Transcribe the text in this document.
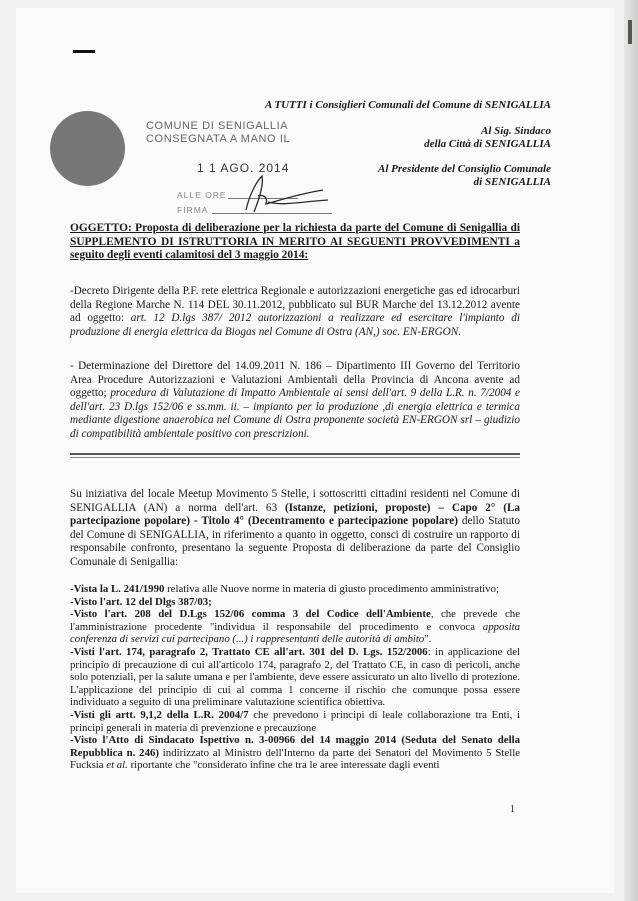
A TUTTI i Consiglieri Comunali del Comune di SENIGALLIA
Al Sig. Sindaco
della Città di SENIGALLIA
Al Presidente del Consiglio Comunale
di SENIGALLIA
COMUNE DI SENIGALLIA
CONSEGNATA A MANO IL
1 1 AGO. 2014
ALLE ORE
FIRMA
OGGETTO: Proposta di deliberazione per la richiesta da parte del Comune di Senigallia di SUPPLEMENTO DI ISTRUTTORIA IN MERITO AI SEGUENTI PROVVEDIMENTI a seguito degli eventi calamitosi del 3 maggio 2014:
-Decreto Dirigente della P.F. rete elettrica Regionale e autorizzazioni energetiche gas ed idrocarburi della Regione Marche N. 114 DEL 30.11.2012, pubblicato sul BUR Marche del 13.12.2012 avente ad oggetto: art. 12 D.lgs 387/ 2012 autorizzazioni a realizzare ed esercitare l'impianto di produzione di energia elettrica da Biogas nel Comune di Ostra (AN,) soc. EN-ERGON.
- Determinazione del Direttore del 14.09.2011 N. 186 – Dipartimento III Governo del Territorio Area Procedure Autorizzazioni e Valutazioni Ambientali della Provincia di Ancona avente ad oggetto; procedura di Valutazione di Impatto Ambientale ai sensi dell'art. 9 della L.R. n. 7/2004 e dell'art. 23 D.lgs 152/06 e ss.mm. ii. – impianto per la produzione ,di energia elettrica e termica mediante digestione anaerobica nel Comune di Ostra proponente società EN-ERGON srl – giudizio di compatibilità ambientale positivo con prescrizioni.
Su iniziativa del locale Meetup Movimento 5 Stelle, i sottoscritti cittadini residenti nel Comune di SENIGALLIA (AN) a norma dell'art. 63 (Istanze, petizioni, proposte) – Capo 2° (La partecipazione popolare) - Titolo 4° (Decentramento e partecipazione popolare) dello Statuto del Comune di SENIGALLIA, in riferimento a quanto in oggetto, consci di costruire un rapporto di responsabile confronto, presentano la seguente Proposta di deliberazione da parte del Consiglio Comunale di Senigallia:
-Vista la L. 241/1990 relativa alle Nuove norme in materia di giusto procedimento amministrativo;
-Visto l'art. 12 del Dlgs 387/03;
-Visto l'art. 208 del D.Lgs 152/06 comma 3 del Codice dell'Ambiente, che prevede che l'amministrazione procedente "individua il responsabile del procedimento e convoca apposita conferenza di servizi cui partecipano (...) i rappresentanti delle autorità di ambito".
-Visti l'art. 174, paragrafo 2, Trattato CE all'art. 301 del D. Lgs. 152/2006: in applicazione del principio di precauzione di cui all'articolo 174, paragrafo 2, del Trattato CE, in caso di pericoli, anche solo potenziali, per la salute umana e per l'ambiente, deve essere assicurato un alto livello di protezione. L'applicazione del principio di cui al comma 1 concerne il rischio che comunque possa essere individuato a seguito di una preliminare valutazione scientifica obiettiva.
-Visti gli artt. 9,1,2 della L.R. 2004/7 che prevedono i principi di leale collaborazione tra Enti, i principi generali in materia di prevenzione e precauzione
-Visto l'Atto di Sindacato Ispettivo n. 3-00966 del 14 maggio 2014 (Seduta del Senato della Repubblica n. 246) indirizzato al Ministro dell'Interno da parte dei Senatori del Movimento 5 Stelle Fucksia et al. riportante che "considerato infine che tra le aree interessate dagli eventi
1
